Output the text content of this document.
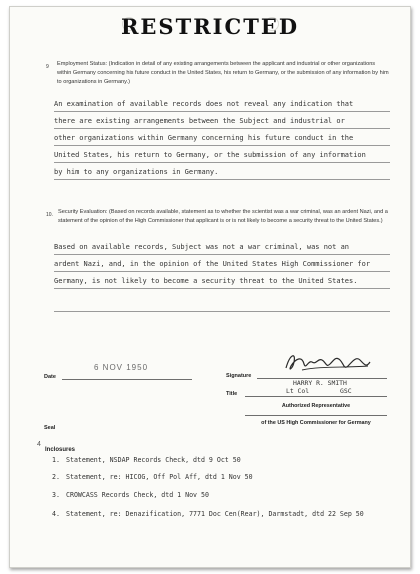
RESTRICTED
9 Employment Status: (Indication in detail of any existing arrangements between the applicant and industrial or other organizations within Germany concerning his future conduct in the United States, his return to Germany, or the submission of any information by him to organizations in Germany.)
An examination of available records does not reveal any indication that
there are existing arrangements between the Subject and industrial or
other organizations within Germany concerning his future conduct in the
United States, his return to Germany, or the submission of any information
by him to any organizations in Germany.
10. Security Evaluation: (Based on records available, statement as to whether the scientist was a war criminal, was an ardent Nazi, and a statement of the opinion of the High Commissioner that applicant is or is not likely to become a security threat to the United States.)
Based on available records, Subject was not a war criminal, was not an
ardent Nazi, and, in the opinion of the United States High Commissioner for
Germany, is not likely to become a security threat to the United States.
Date
6 NOV 1950
Signature
HARRY R. SMITH
Title	Lt Col	GSC
Authorized Representative
of the US High Commissioner for Germany
Seal
4
Inclosures
1. Statement, NSDAP Records Check, dtd 9 Oct 50
2. Statement, re: HICOG, Off Pol Aff, dtd 1 Nov 50
3. CROWCASS Records Check, dtd 1 Nov 50
4. Statement, re: Denazification, 7771 Doc Cen(Rear), Darmstadt, dtd 22 Sep 50
